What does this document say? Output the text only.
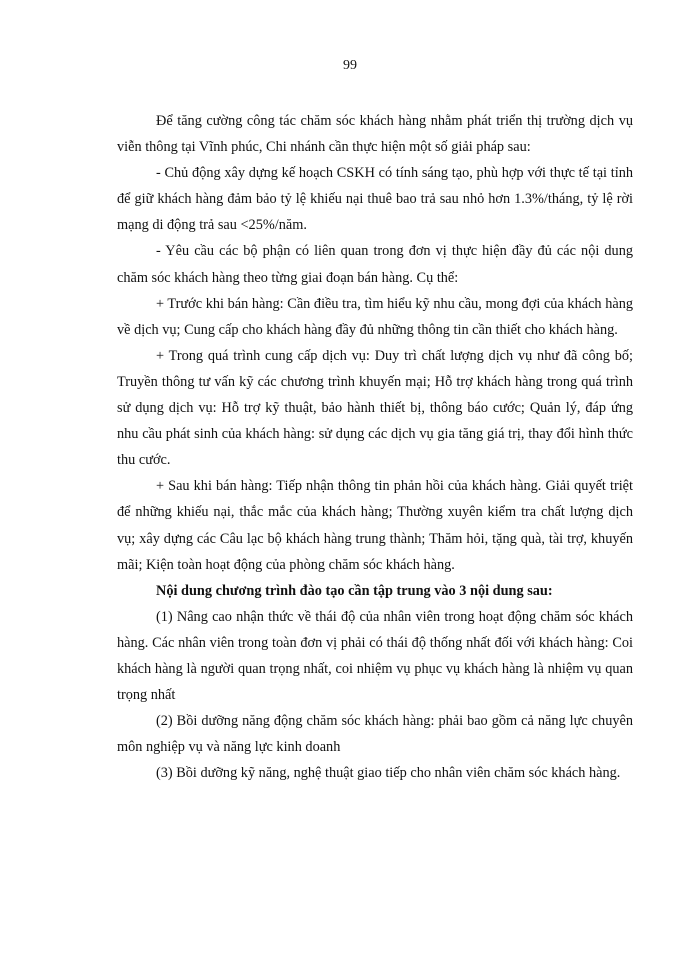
99

Để tăng cường công tác chăm sóc khách hàng nhằm phát triển thị trường dịch vụ viễn thông tại Vĩnh phúc, Chi nhánh cần thực hiện một số giải pháp sau:

- Chủ động xây dựng kế hoạch CSKH có tính sáng tạo, phù hợp với thực tế tại tỉnh để giữ khách hàng đảm bảo tỷ lệ khiếu nại thuê bao trả sau nhỏ hơn 1.3%/tháng, tỷ lệ rời mạng di động trả sau <25%/năm.

- Yêu cầu các bộ phận có liên quan trong đơn vị thực hiện đầy đủ các nội dung chăm sóc khách hàng theo từng giai đoạn bán hàng. Cụ thể:

+ Trước khi bán hàng: Cần điều tra, tìm hiểu kỹ nhu cầu, mong đợi của khách hàng về dịch vụ; Cung cấp cho khách hàng đầy đủ những thông tin cần thiết cho khách hàng.

+ Trong quá trình cung cấp dịch vụ: Duy trì chất lượng dịch vụ như đã công bố; Truyền thông tư vấn kỹ các chương trình khuyến mại; Hỗ trợ khách hàng trong quá trình sử dụng dịch vụ: Hỗ trợ kỹ thuật, bảo hành thiết bị, thông báo cước; Quản lý, đáp ứng nhu cầu phát sinh của khách hàng: sử dụng các dịch vụ gia tăng giá trị, thay đổi hình thức thu cước.

+ Sau khi bán hàng: Tiếp nhận thông tin phản hồi của khách hàng. Giải quyết triệt để những khiếu nại, thắc mắc của khách hàng; Thường xuyên kiểm tra chất lượng dịch vụ; xây dựng các Câu lạc bộ khách hàng trung thành; Thăm hỏi, tặng quà, tài trợ, khuyến mãi; Kiện toàn hoạt động của phòng chăm sóc khách hàng.

Nội dung chương trình đào tạo cần tập trung vào 3 nội dung sau:

(1) Nâng cao nhận thức về thái độ của nhân viên trong hoạt động chăm sóc khách hàng. Các nhân viên trong toàn đơn vị phải có thái độ thống nhất đối với khách hàng: Coi khách hàng là người quan trọng nhất, coi nhiệm vụ phục vụ khách hàng là nhiệm vụ quan trọng nhất

(2) Bồi dưỡng năng động chăm sóc khách hàng: phải bao gồm cả năng lực chuyên môn nghiệp vụ và năng lực kinh doanh

(3) Bồi dưỡng kỹ năng, nghệ thuật giao tiếp cho nhân viên chăm sóc khách hàng.
